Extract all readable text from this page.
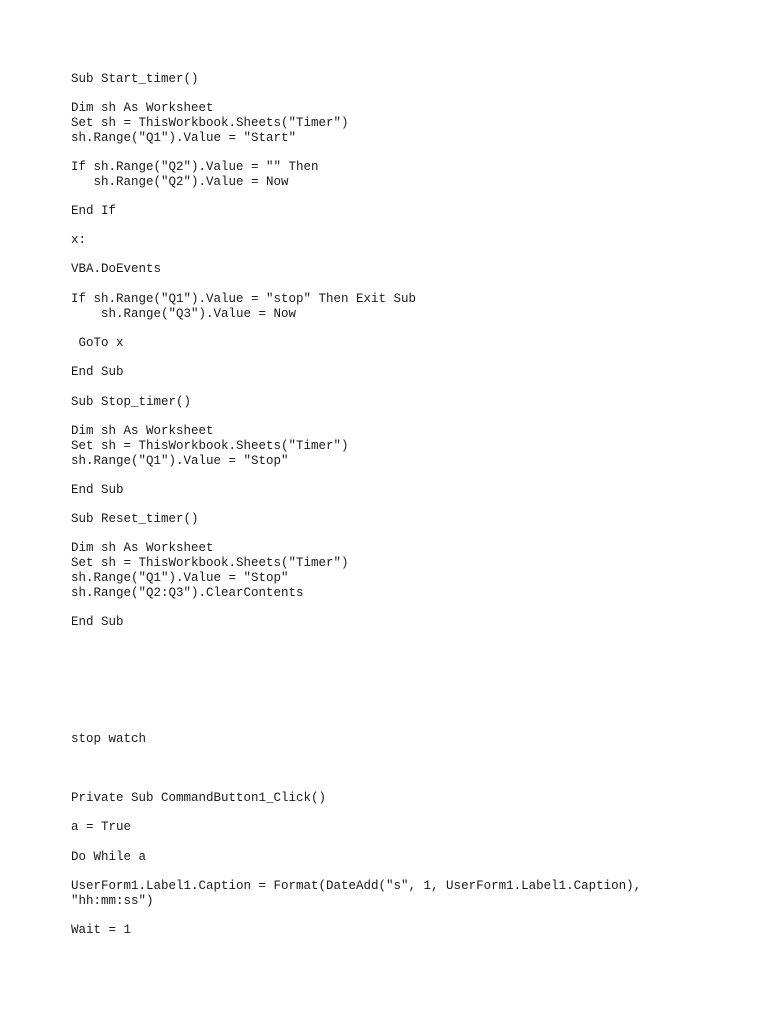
Sub Start_timer()

Dim sh As Worksheet

Set sh = ThisWorkbook.Sheets("Timer")

sh.Range("Q1").Value = "Start"

If sh.Range("Q2").Value = "" Then

sh.Range("Q2").Value = Now

End If

x:

VBA.DoEvents

If sh.Range("Q1").Value = "stop" Then Exit Sub

sh.Range("Q3").Value = Now

GoTo x

End Sub

Sub Stop_timer()

Dim sh As Worksheet

Set sh = ThisWorkbook.Sheets("Timer")

sh.Range("Q1").Value = "Stop"

End Sub

Sub Reset_timer()

Dim sh As Worksheet

Set sh = ThisWorkbook.Sheets("Timer")

sh.Range("Q1").Value = "Stop"

sh.Range("Q2:Q3").ClearContents

End Sub

stop watch

Private Sub CommandButton1_Click()

a = True

Do While a

UserForm1.Label1.Caption = Format(DateAdd("s", 1, UserForm1.Label1.Caption),

"hh:mm:ss")

Wait = 1
